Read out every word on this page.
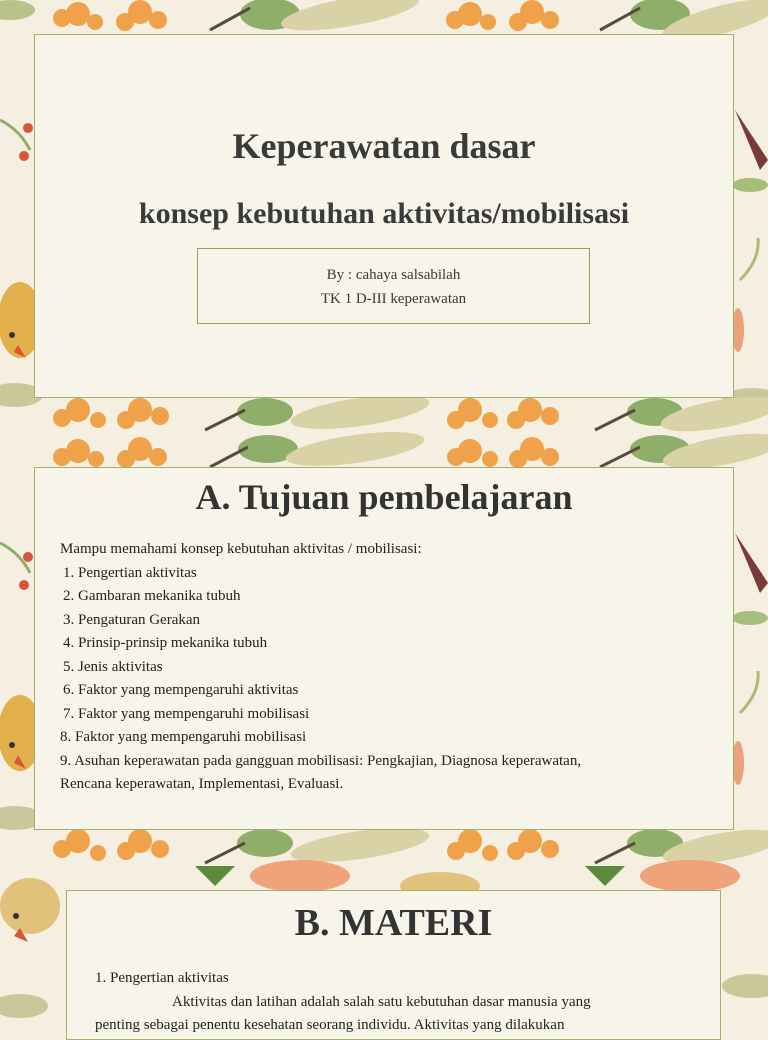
Keperawatan dasar
konsep kebutuhan aktivitas/mobilisasi
By : cahaya salsabilah
TK 1 D-III keperawatan
A. Tujuan pembelajaran
Mampu memahami konsep kebutuhan aktivitas / mobilisasi:
1. Pengertian aktivitas
2. Gambaran mekanika tubuh
3. Pengaturan Gerakan
4. Prinsip-prinsip mekanika tubuh
5. Jenis aktivitas
6. Faktor yang mempengaruhi aktivitas
7. Faktor yang mempengaruhi mobilisasi
8. Faktor yang mempengaruhi mobilisasi
9. Asuhan keperawatan pada gangguan mobilisasi: Pengkajian, Diagnosa keperawatan,
Rencana keperawatan, Implementasi, Evaluasi.
B. MATERI
1. Pengertian aktivitas
Aktivitas dan latihan adalah salah satu kebutuhan dasar manusia yang
penting sebagai penentu kesehatan seorang individu. Aktivitas yang dilakukan
